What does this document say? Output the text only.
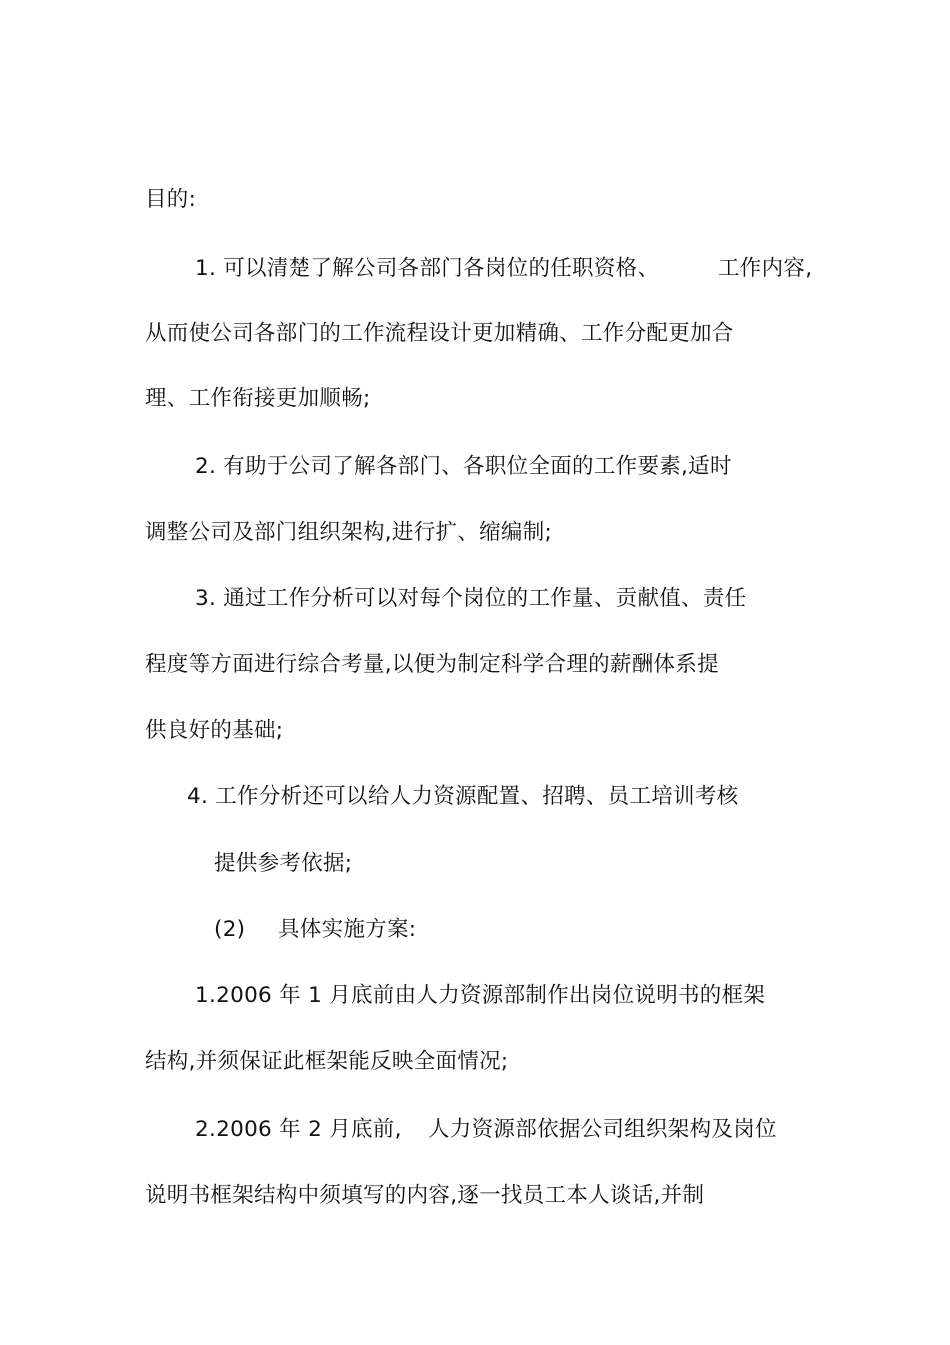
目的:
1. 可以清楚了解公司各部门各岗位的任职资格、	工作内容,
从而使公司各部门的工作流程设计更加精确、工作分配更加合
理、工作衔接更加顺畅;
2. 有助于公司了解各部门、各职位全面的工作要素,适时
调整公司及部门组织架构,进行扩、缩编制;
3. 通过工作分析可以对每个岗位的工作量、贡献值、责任
程度等方面进行综合考量,以便为制定科学合理的薪酬体系提
供良好的基础;
4. 工作分析还可以给人力资源配置、招聘、员工培训考核
提供参考依据;
(2) 具体实施方案:
1.2006 年 1 月底前由人力资源部制作出岗位说明书的框架
结构,并须保证此框架能反映全面情况;
2.2006 年 2 月底前, 人力资源部依据公司组织架构及岗位
说明书框架结构中须填写的内容,逐一找员工本人谈话,并制
